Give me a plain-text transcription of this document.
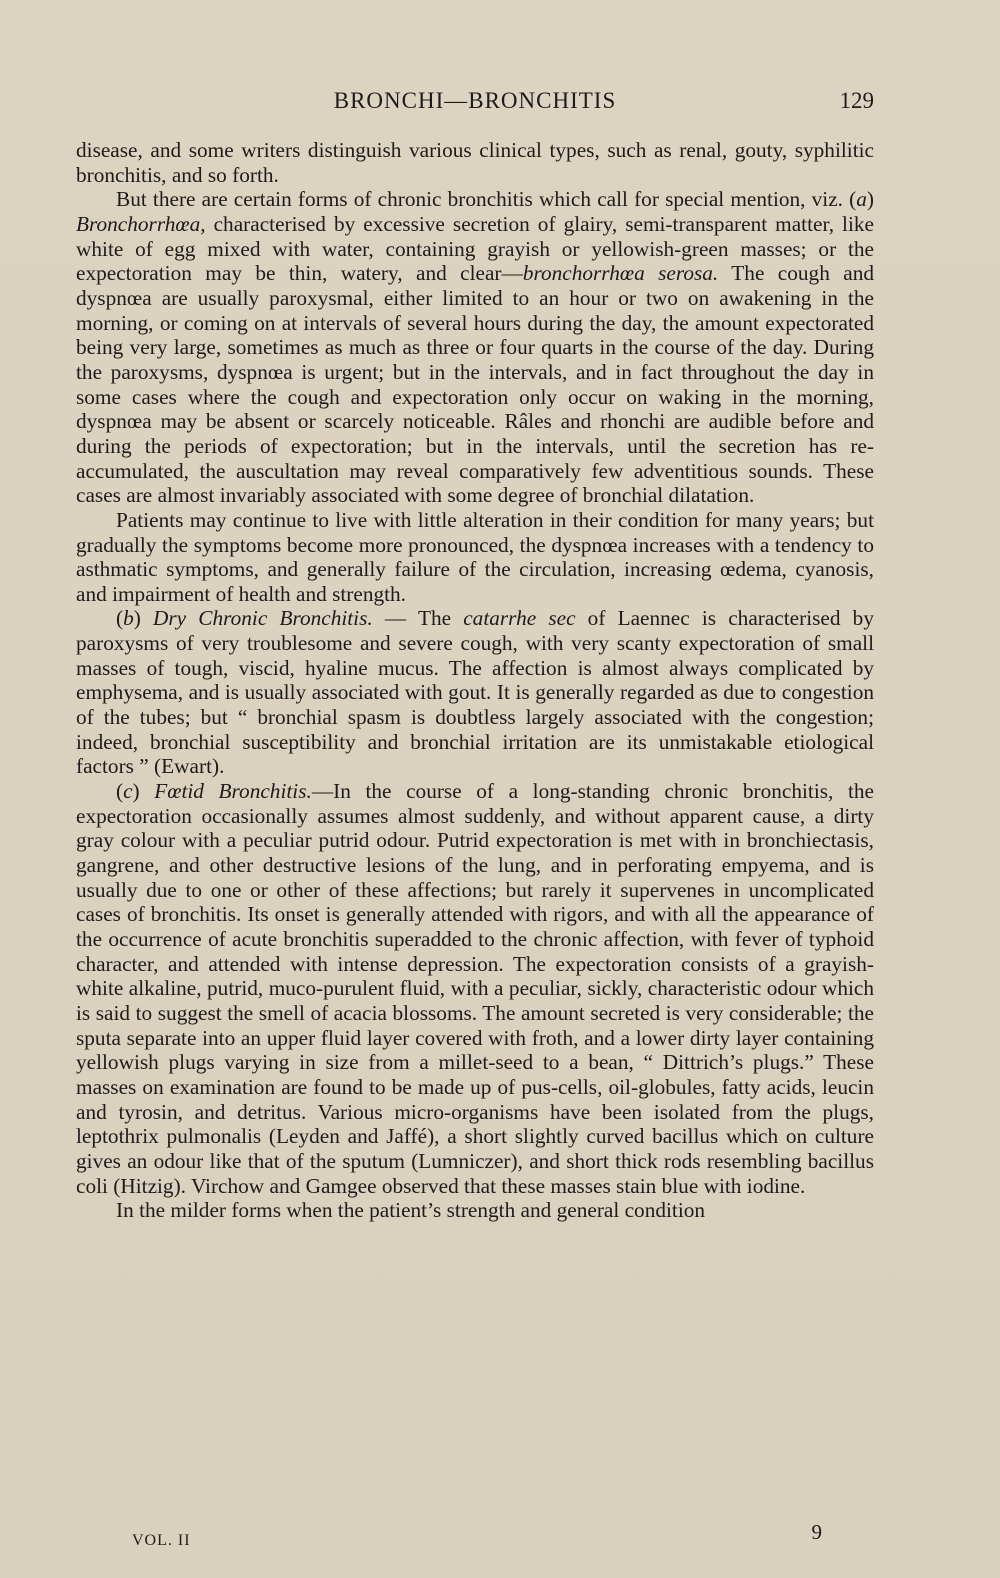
BRONCHI—BRONCHITIS	129

disease, and some writers distinguish various clinical types, such as renal, gouty, syphilitic bronchitis, and so forth.

But there are certain forms of chronic bronchitis which call for special mention, viz. (a) Bronchorrhœa, characterised by excessive secretion of glairy, semi-transparent matter, like white of egg mixed with water, containing grayish or yellowish-green masses; or the expectoration may be thin, watery, and clear—bronchorrhœa serosa. The cough and dyspnœa are usually paroxysmal, either limited to an hour or two on awakening in the morning, or coming on at intervals of several hours during the day, the amount expectorated being very large, sometimes as much as three or four quarts in the course of the day. During the paroxysms, dyspnœa is urgent; but in the intervals, and in fact throughout the day in some cases where the cough and expectoration only occur on waking in the morning, dyspnœa may be absent or scarcely noticeable. Râles and rhonchi are audible before and during the periods of expectoration; but in the intervals, until the secretion has re-accumulated, the auscultation may reveal comparatively few adventitious sounds. These cases are almost invariably associated with some degree of bronchial dilatation.

Patients may continue to live with little alteration in their condition for many years; but gradually the symptoms become more pronounced, the dyspnœa increases with a tendency to asthmatic symptoms, and generally failure of the circulation, increasing œdema, cyanosis, and impairment of health and strength.

(b) Dry Chronic Bronchitis. — The catarrhe sec of Laennec is characterised by paroxysms of very troublesome and severe cough, with very scanty expectoration of small masses of tough, viscid, hyaline mucus. The affection is almost always complicated by emphysema, and is usually associated with gout. It is generally regarded as due to congestion of the tubes; but “ bronchial spasm is doubtless largely associated with the congestion; indeed, bronchial susceptibility and bronchial irritation are its unmistakable etiological factors ” (Ewart).

(c) Fœtid Bronchitis.—In the course of a long-standing chronic bronchitis, the expectoration occasionally assumes almost suddenly, and without apparent cause, a dirty gray colour with a peculiar putrid odour. Putrid expectoration is met with in bronchiectasis, gangrene, and other destructive lesions of the lung, and in perforating empyema, and is usually due to one or other of these affections; but rarely it supervenes in uncomplicated cases of bronchitis. Its onset is generally attended with rigors, and with all the appearance of the occurrence of acute bronchitis superadded to the chronic affection, with fever of typhoid character, and attended with intense depression. The expectoration consists of a grayish-white alkaline, putrid, muco-purulent fluid, with a peculiar, sickly, characteristic odour which is said to suggest the smell of acacia blossoms. The amount secreted is very considerable; the sputa separate into an upper fluid layer covered with froth, and a lower dirty layer containing yellowish plugs varying in size from a millet-seed to a bean, “ Dittrich’s plugs.” These masses on examination are found to be made up of pus-cells, oil-globules, fatty acids, leucin and tyrosin, and detritus. Various micro-organisms have been isolated from the plugs, leptothrix pulmonalis (Leyden and Jaffé), a short slightly curved bacillus which on culture gives an odour like that of the sputum (Lumniczer), and short thick rods resembling bacillus coli (Hitzig). Virchow and Gamgee observed that these masses stain blue with iodine.

In the milder forms when the patient’s strength and general condition

VOL. II	9
